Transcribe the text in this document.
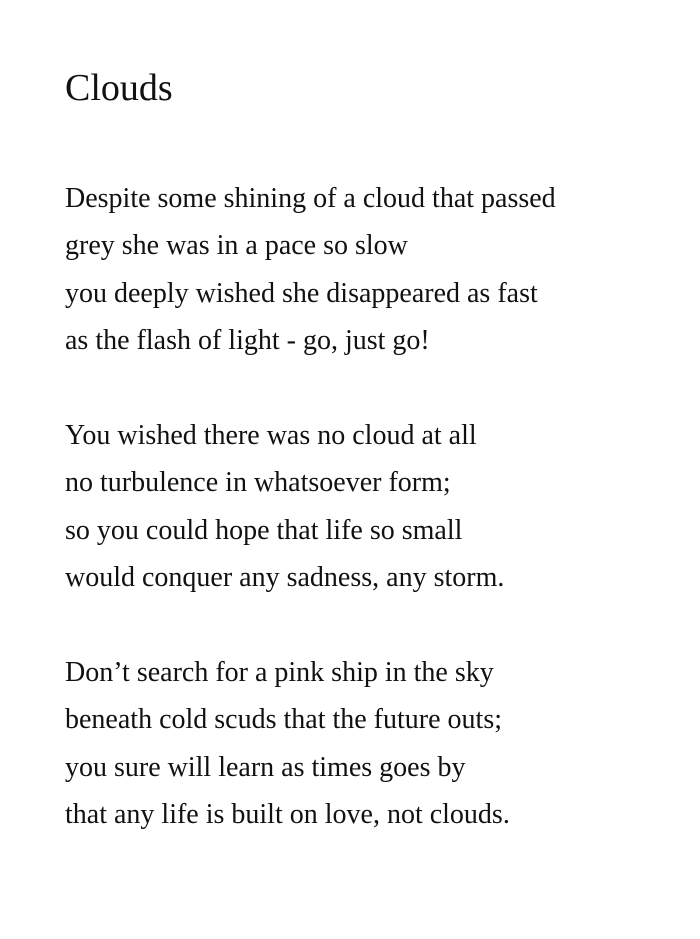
Clouds
Despite some shining of a cloud that passed
grey she was in a pace so slow
you deeply wished she disappeared as fast
as the flash of light - go, just go!
You wished there was no cloud at all
no turbulence in whatsoever form;
so you could hope that life so small
would conquer any sadness, any storm.
Don’t search for a pink ship in the sky
beneath cold scuds that the future outs;
you sure will learn as times goes by
that any life is built on love, not clouds.
